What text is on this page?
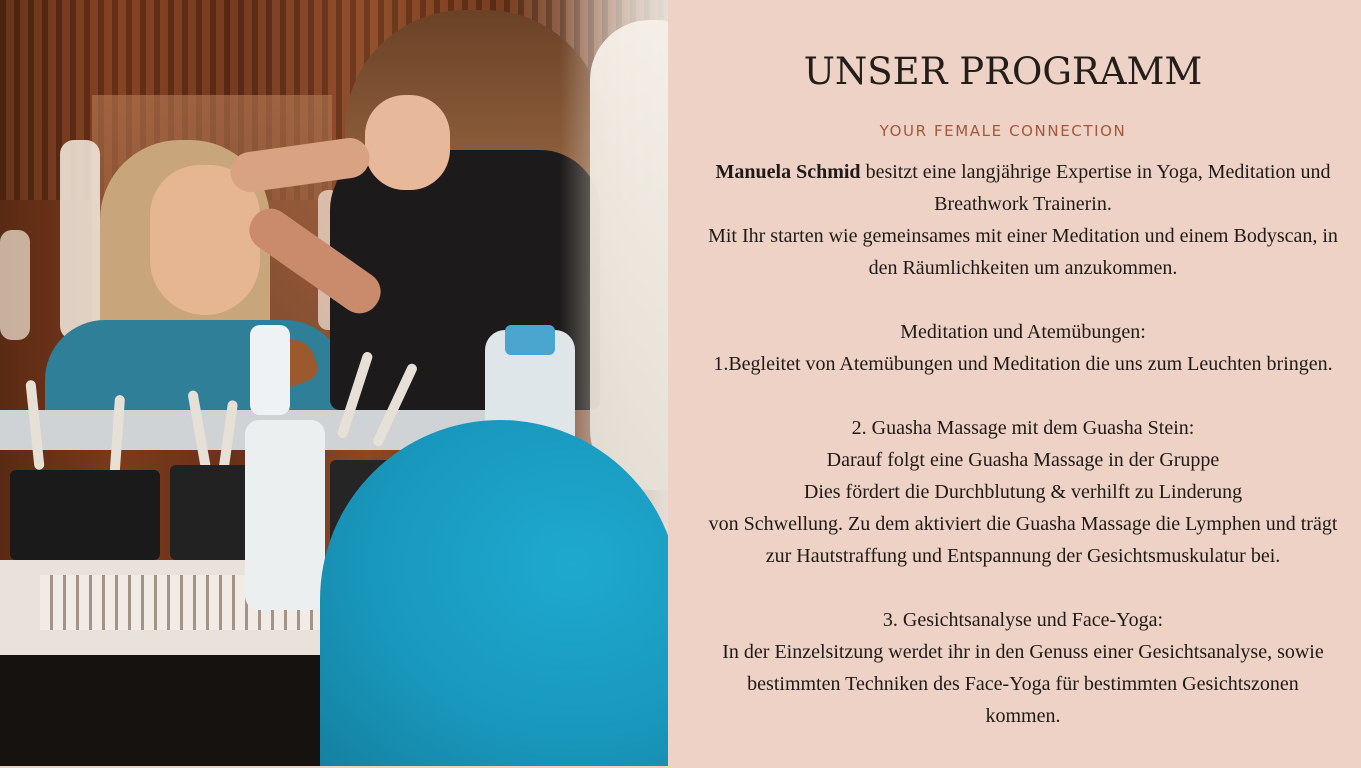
UNSER PROGRAMM
YOUR FEMALE CONNECTION

Manuela Schmid besitzt eine langjährige Expertise in Yoga, Meditation und Breathwork Trainerin.

Mit Ihr starten wie gemeinsames mit einer Meditation und einem Bodyscan, in den Räumlichkeiten um anzukommen.

Meditation und Atemübungen:

1.Begleitet von Atemübungen und Meditation die uns zum Leuchten bringen.

2. Guasha Massage mit dem Guasha Stein:

Darauf folgt eine Guasha Massage in der Gruppe

Dies fördert die Durchblutung & verhilft zu Linderung

von Schwellung. Zu dem aktiviert die Guasha Massage die Lymphen und trägt zur Hautstraffung und Entspannung der Gesichtsmuskulatur bei.

3. Gesichtsanalyse und Face-Yoga:

In der Einzelsitzung werdet ihr in den Genuss einer Gesichtsanalyse, sowie bestimmten Techniken des Face-Yoga für bestimmten Gesichtszonen kommen.
